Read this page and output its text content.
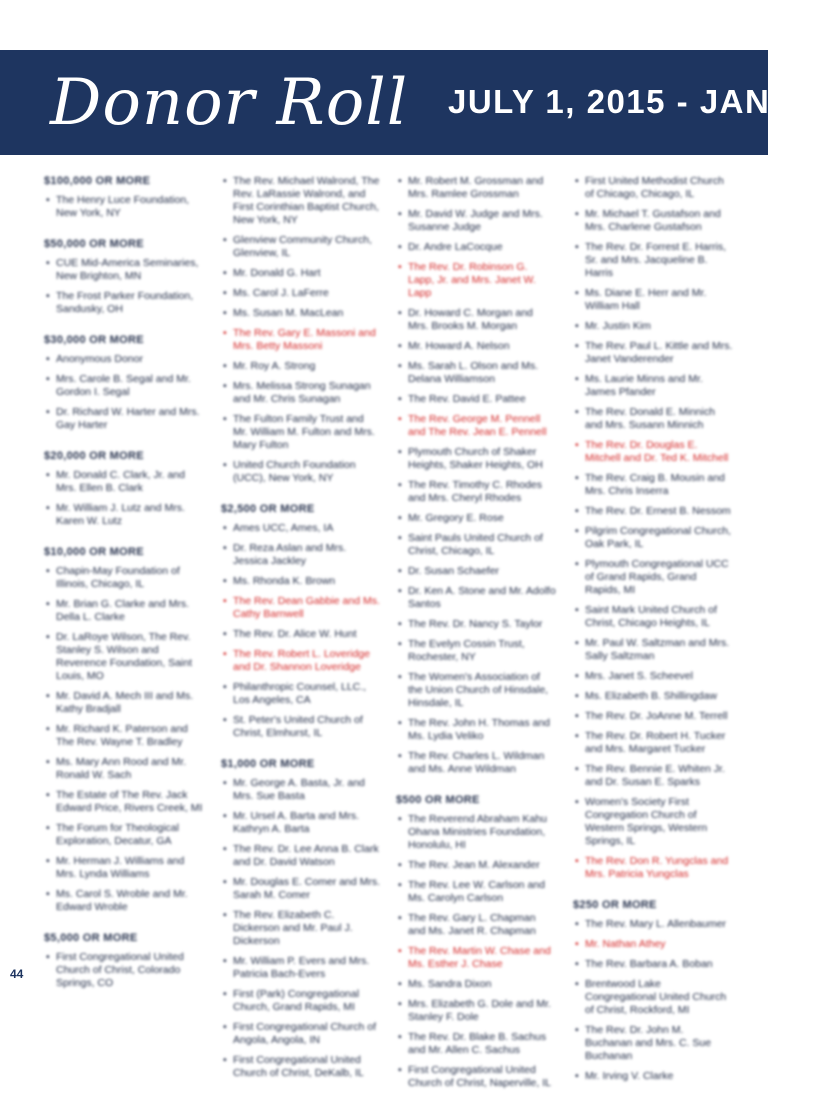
Donor Roll JULY 1, 2015 - JANUA
$100,000 OR MORE
• The Henry Luce Foundation, New York, NY
$50,000 OR MORE
• CUE Mid-America Seminaries, New Brighton, MN
• The Frost Parker Foundation, Sandusky, OH
$30,000 OR MORE
• Anonymous Donor
• Mrs. Carole B. Segal and Mr. Gordon I. Segal
• Dr. Richard W. Harter and Mrs. Gay Harter
$20,000 OR MORE
• Mr. Donald C. Clark, Jr. and Mrs. Ellen B. Clark
• Mr. William J. Lutz and Mrs. Karen W. Lutz
$10,000 OR MORE
• Chapin-May Foundation of Illinois, Chicago, IL
• Mr. Brian G. Clarke and Mrs. Della L. Clarke
• Dr. LaRoye Wilson, The Rev. Stanley S. Wilson and Reverence Foundation, Saint Louis, MO
• Mr. David A. Mech III and Ms. Kathy Bradjall
• Mr. Richard K. Paterson and The Rev. Wayne T. Bradley
• Ms. Mary Ann Rood and Mr. Ronald W. Sach
• The Estate of The Rev. Jack Edward Price, Rivers Creek, MI
• The Forum for Theological Exploration, Decatur, GA
• Mr. Herman J. Williams and Mrs. Lynda Williams
• Ms. Carol S. Wroble and Mr. Edward Wroble
$5,000 OR MORE
• First Congregational United Church of Christ, Colorado Springs, CO
• The Rev. Michael Walrond, The Rev. LaRassie Walrond, and First Corinthian Baptist Church, New York, NY
• Glenview Community Church, Glenview, IL
• Mr. Donald G. Hart
• Ms. Carol J. LaFerre
• Ms. Susan M. MacLean
• The Rev. Gary E. Massoni and Mrs. Betty Massoni
• Mr. Roy A. Strong
• Mrs. Melissa Strong Sunagan and Mr. Chris Sunagan
• The Fulton Family Trust and Mr. William M. Fulton and Mrs. Mary Fulton
• United Church Foundation (UCC), New York, NY
$2,500 OR MORE
• Ames UCC, Ames, IA
• Dr. Reza Aslan and Mrs. Jessica Jackley
• Ms. Rhonda K. Brown
• The Rev. Dean Gabbie and Ms. Cathy Barnwell
• The Rev. Dr. Alice W. Hunt
• The Rev. Robert L. Loveridge and Dr. Shannon Loveridge
• Philanthropic Counsel, LLC., Los Angeles, CA
• St. Peter's United Church of Christ, Elmhurst, IL
$1,000 OR MORE
• Mr. George A. Basta, Jr. and Mrs. Sue Basta
• Mr. Ursel A. Barta and Mrs. Kathryn A. Barta
• The Rev. Dr. Lee Anna B. Clark and Dr. David Watson
• Mr. Douglas E. Comer and Mrs. Sarah M. Comer
• The Rev. Elizabeth C. Dickerson and Mr. Paul J. Dickerson
• Mr. William P. Evers and Mrs. Patricia Bach-Evers
• First (Park) Congregational Church, Grand Rapids, MI
• First Congregational Church of Angola, Angola, IN
• First Congregational United Church of Christ, DeKalb, IL
• Mr. Robert M. Grossman and Mrs. Ramlee Grossman
• Mr. David W. Judge and Mrs. Susanne Judge
• Dr. Andre LaCocque
• The Rev. Dr. Robinson G. Lapp, Jr. and Mrs. Janet W. Lapp
• Dr. Howard C. Morgan and Mrs. Brooks M. Morgan
• Mr. Howard A. Nelson
• Ms. Sarah L. Olson and Ms. Delana Williamson
• The Rev. David E. Pattee
• The Rev. George M. Pennell and The Rev. Jean E. Pennell
• Plymouth Church of Shaker Heights, Shaker Heights, OH
• The Rev. Timothy C. Rhodes and Mrs. Cheryl Rhodes
• Mr. Gregory E. Rose
• Saint Pauls United Church of Christ, Chicago, IL
• Dr. Susan Schaefer
• Dr. Ken A. Stone and Mr. Adolfo Santos
• The Rev. Dr. Nancy S. Taylor
• The Evelyn Cossin Trust, Rochester, NY
• The Women's Association of the Union Church of Hinsdale, Hinsdale, IL
• The Rev. John H. Thomas and Ms. Lydia Veliko
• The Rev. Charles L. Wildman and Ms. Anne Wildman
$500 OR MORE
• The Reverend Abraham Kahu Ohana Ministries Foundation, Honolulu, HI
• The Rev. Jean M. Alexander
• The Rev. Lee W. Carlson and Ms. Carolyn Carlson
• The Rev. Gary L. Chapman and Ms. Janet R. Chapman
• The Rev. Martin W. Chase and Ms. Esther J. Chase
• Ms. Sandra Dixon
• Mrs. Elizabeth G. Dole and Mr. Stanley F. Dole
• The Rev. Dr. Blake B. Sachus and Mr. Allen C. Sachus
• First Congregational United Church of Christ, Naperville, IL
• First United Methodist Church of Chicago, Chicago, IL
• Mr. Michael T. Gustafson and Mrs. Charlene Gustafson
• The Rev. Dr. Forrest E. Harris, Sr. and Mrs. Jacqueline B. Harris
• Ms. Diane E. Herr and Mr. William Hall
• Mr. Justin Kim
• The Rev. Paul L. Kittle and Mrs. Janet Vanderender
• Ms. Laurie Minns and Mr. James Pfander
• The Rev. Donald E. Minnich and Mrs. Susann Minnich
• The Rev. Dr. Douglas E. Mitchell and Dr. Ted K. Mitchell
• The Rev. Craig B. Mousin and Mrs. Chris Inserra
• The Rev. Dr. Ernest B. Nessom
• Pilgrim Congregational Church, Oak Park, IL
• Plymouth Congregational UCC of Grand Rapids, Grand Rapids, MI
• Saint Mark United Church of Christ, Chicago Heights, IL
• Mr. Paul W. Saltzman and Mrs. Sally Saltzman
• Mrs. Janet S. Scheevel
• Ms. Elizabeth B. Shillingdaw
• The Rev. Dr. JoAnne M. Terrell
• The Rev. Dr. Robert H. Tucker and Mrs. Margaret Tucker
• The Rev. Bennie E. Whiten Jr. and Dr. Susan E. Sparks
• Women's Society First Congregation Church of Western Springs, Western Springs, IL
• The Rev. Don R. Yungclas and Mrs. Patricia Yungclas
$250 OR MORE
• The Rev. Mary L. Allenbaumer
• Mr. Nathan Athey
• The Rev. Barbara A. Boban
• Brentwood Lake Congregational United Church of Christ, Rockford, MI
• The Rev. Dr. John M. Buchanan and Mrs. C. Sue Buchanan
• Mr. Irving V. Clarke
44
